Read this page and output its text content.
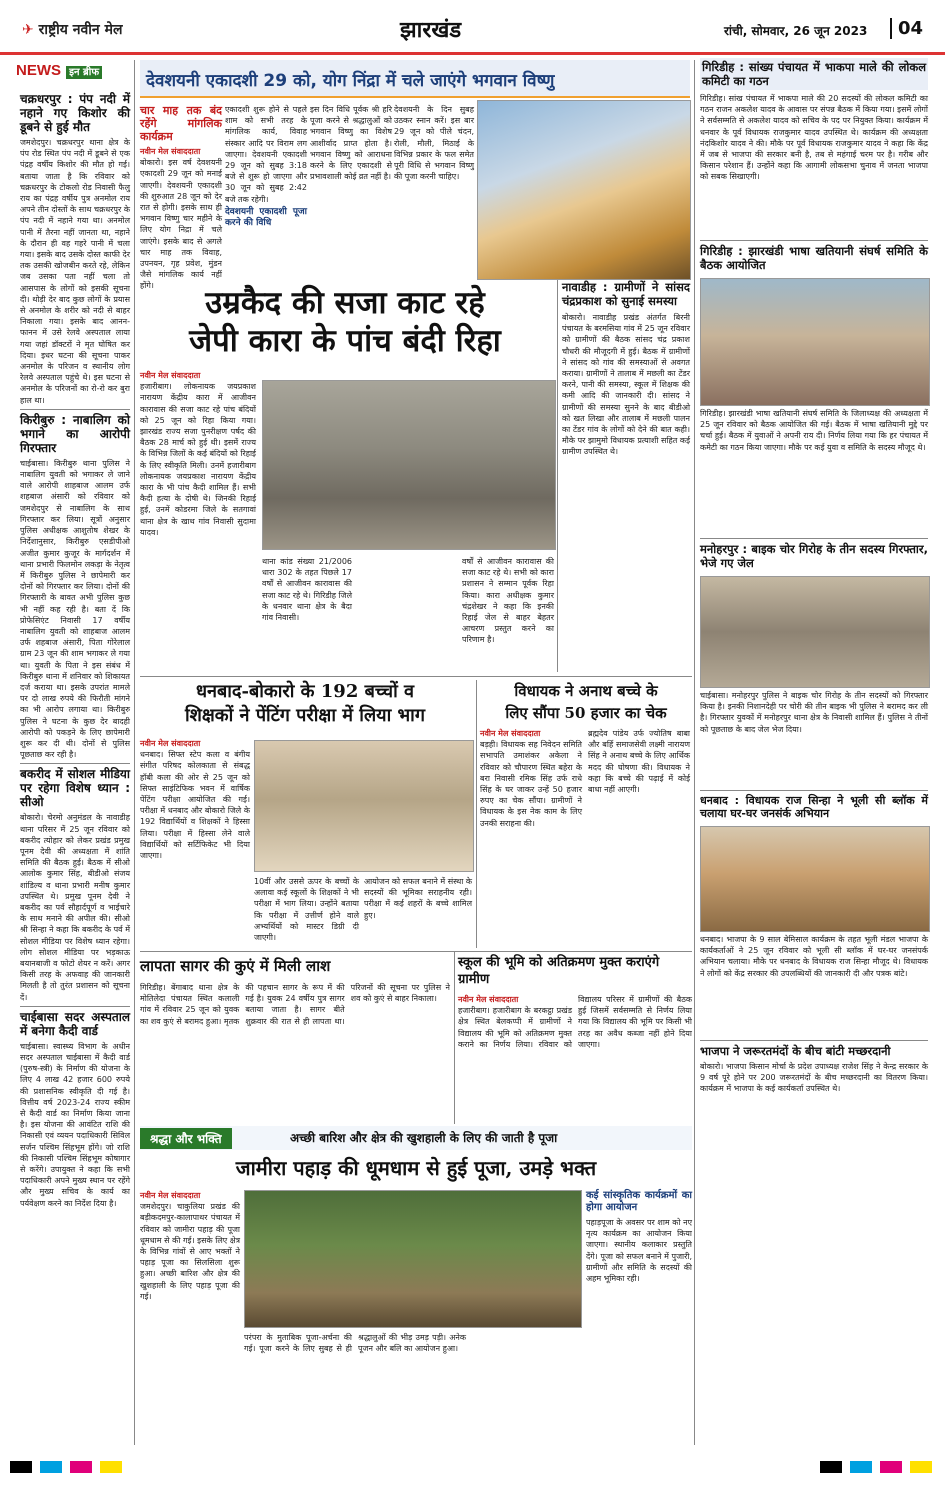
✈ राष्ट्रीय नवीन मेल	झारखंड	रांची, सोमवार, 26 जून 2023	04
NEWS इन ब्रीफ
चक्रधरपुर : पंप नदी में नहाने गए किशोर की डूबने से हुई मौत

जमशेदपुर। चक्रधरपुर थाना क्षेत्र के पंप रोड स्थित पंप नदी में डूबने से एक पंद्रह वर्षीय किशोर की मौत हो गई। बताया जाता है कि रविवार को चक्रधरपुर के टोकलो रोड निवासी फैलु राय का पंद्रह वर्षीय पुत्र अनमोल राय अपने तीन दोस्तों के साथ चक्रधरपुर के पंप नदी में नहाने गया था। अनमोल पानी में तैरना नहीं जानता था, नहाने के दौरान ही वह गहरे पानी में चला गया। इसके बाद उसके दोस्त काफी देर तक उसकी खोजबीन करते रहे, लेकिन जब उसका पता नहीं चला तो आसपास के लोगों को इसकी सूचना दी। थोड़ी देर बाद कुछ लोगों के प्रयास से अनमोल के शरीर को नदी से बाहर निकाला गया। इसके बाद आनन-फानन में उसे रेलवे अस्पताल लाया गया जहां डॉक्टरों ने मृत घोषित कर दिया। इधर घटना की सूचना पाकर अनमोल के परिजन व स्थानीय लोग रेलवे अस्पताल पहुंचे थे। इस घटना से अनमोल के परिजनों का रो-रो कर बुरा हाल था।

किरीबुरु : नाबालिग को भगाने का आरोपी गिरफ्तार

चाईबासा। किरीबुरु थाना पुलिस ने नाबालिग युवती को भगाकर ले जाने वाले आरोपी शाहबाज आलम उर्फ शहबाज अंसारी को रविवार को जमशेदपुर से नाबालिग के साथ गिरफ्तार कर लिया। सूत्रों अनुसार पुलिस अधीक्षक आशुतोष शेखर के निर्देशानुसार, किरीबुरु एसडीपीओ अजीत कुमार कुजूर के मार्गदर्शन में थाना प्रभारी फिलमोन लकड़ा के नेतृत्व में किरीबुरु पुलिस ने छापेमारी कर दोनों को गिरफ्तार कर लिया। दोनों की गिरफ्तारी के बावत अभी पुलिस कुछ भी नहीं कह रही है। बता दें कि प्रोफेसिएंट निवासी 17 वर्षीय नाबालिग युवती को शाहबाज आलम उर्फ शहबाज अंसारी, पिता गोरेलाल ग्राम 23 जून की शाम भगाकर ले गया था। युवती के पिता ने इस संबंध में किरीबुरु थाना में शनिवार को शिकायत दर्ज कराया था। इसके उपरांत मामले पर दो लाख रुपये की फिरौती मांगने का भी आरोप लगाया था। किरीबुरु पुलिस ने घटना के कुछ देर बादही आरोपी को पकड़ने के लिए छापेमारी शुरू कर दी थी। दोनों से पुलिस पूछताछ कर रही है।

बकरीद में सोशल मीडिया पर रहेगा विशेष ध्यान : सीओ

बोकारो। चेरमो अनुमंडल के नावाडीह थाना परिसर में 25 जून रविवार को बकरीद त्योहार को लेकर प्रखंड प्रमुख पूनम देवी की अध्यक्षता में शांति समिति की बैठक हुई। बैठक में सीओ आलोक कुमार सिंह, बीडीओ संजय शांडिल्य व थाना प्रभारी मनीष कुमार उपस्थित थे। प्रमुख पूनम देवी ने बकरीद का पर्व सौहार्दपूर्ण व भाईचारे के साथ मनाने की अपील की। सीओ श्री सिन्हा ने कहा कि बकरीद के पर्व में सोशल मीडिया पर विशेष ध्यान रहेगा। लोग सोशल मीडिया पर भड़काऊ बयानबाजी व फोटो शेयर न करें। अगर किसी तरह के अफवाह की जानकारी मिलती है तो तुरंत प्रशासन को सूचना दें।

चाईबासा सदर अस्पताल में बनेगा कैदी वार्ड

चाईबासा। स्वास्थ्य विभाग के अधीन सदर अस्पताल चाईबासा में कैदी वार्ड (पुरुष-स्त्री) के निर्माण की योजना के लिए 4 लाख 42 हजार 600 रुपये की प्रशासनिक स्वीकृति दी गई है। वित्तीय वर्ष 2023-24 राज्य स्कीम से कैदी वार्ड का निर्माण किया जाना है। इस योजना की आवंटित राशि की निकासी एवं व्ययन पदाधिकारी सिविल सर्जन पश्चिम सिंहभूम होंगे। जो राशि की निकासी पश्चिम सिंहभूम कोषागार से करेंगे। उपायुक्त ने कहा कि सभी पदाधिकारी अपने मुख्य स्थान पर रहेंगे और मुख्य सचिव के कार्य का पर्यवेक्षण करने का निर्देश दिया है।

देवशयनी एकादशी 29 को, योग निंद्रा में चले जाएंगे भगवान विष्णु
चार माह तक बंद रहेंगे मांगलिक कार्यक्रम
नवीन मेल संवाददाता

बोकारो। इस वर्ष देवशयनी एकादशी 29 जून को मनाई जाएगी। देवशयनी एकादशी की शुरुआत 28 जून को देर रात से होगी। इसके साथ ही भगवान विष्णु चार महीने के लिए योग निद्रा में चले जाएंगे। इसके बाद से अगले चार माह तक विवाह, उपनयन, गृह प्रवेश, मुंडन जैसे मांगलिक कार्य नहीं होंगे।

एकादशी शुरू होने से पहले शाम को सभी तरह के मांगलिक कार्य, विवाह संस्कार आदि पर विराम लग जाएगा। देवशयनी एकादशी 29 जून को सुबह 3:18 बजे से शुरू हो जाएगा और 30 जून को सुबह 2:42 बजे तक रहेगी।

देवशयनी एकादशी पूजा करने की विधि

इस दिन विधि पूर्वक श्री हरि पूजा करने से श्रद्धालुओं को भगवान विष्णु का विशेष आशीर्वाद प्राप्त होता है। भगवान विष्णु को आराधना करने के लिए एकादशी से प्रभावशाली कोई व्रत नहीं है।

देवशयनी के दिन सुबह उठकर स्नान करें। इस बार 29 जून को पीले चंदन, रोली, मौली, मिठाई के विभिन्न प्रकार के फल समेत पूरी विधि से भगवान विष्णु की पूजा करनी चाहिए।

उम्रकैद की सजा काट रहे
जेपी कारा के पांच बंदी रिहा
नवीन मेल संवाददाता

हजारीबाग। लोकनायक जयप्रकाश नारायण केंद्रीय कारा में आजीवन कारावास की सजा काट रहे पांच बंदियों को 25 जून को रिहा किया गया। झारखंड राज्य सजा पुनरीक्षण पर्षद की बैठक 28 मार्च को हुई थी। इसमें राज्य के विभिन्न जिलों के कई बंदियों को रिहाई के लिए स्वीकृति मिली। उनमें हजारीबाग लोकनायक जयप्रकाश नारायण केंद्रीय कारा के भी पांच कैदी शामिल हैं। सभी कैदी हत्या के दोषी थे। जिनकी रिहाई हुई, उनमें कोडरमा जिले के सतगावां थाना क्षेत्र के खाथ गांव निवासी सुदामा यादव।

थाना कांड संख्या 21/2006 धारा 302 के तहत पिछले 17 वर्षों से आजीवन कारावास की सजा काट रहे थे। गिरिडीह जिले के धनवार थाना क्षेत्र के बैदा गांव निवासी।

वर्षों से आजीवन कारावास की सजा काट रहे थे। सभी को कारा प्रशासन ने सम्मान पूर्वक रिहा किया। कारा अधीक्षक कुमार चंद्रशेखर ने कहा कि इनकी रिहाई जेल से बाहर बेहतर आचरण प्रस्तुत करने का परिणाम है।

नावाडीह : ग्रामीणों ने सांसद चंद्रप्रकाश को सुनाई समस्या

बोकारो। नावाडीह प्रखंड अंतर्गत बिरनी पंचायत के बरमसिया गांव में 25 जून रविवार को ग्रामीणों की बैठक सांसद चंद्र प्रकाश चौधरी की मौजूदगी में हुई। बैठक में ग्रामीणों ने सांसद को गांव की समस्याओं से अवगत कराया। ग्रामीणों ने तालाब में मछली का टेंडर करने, पानी की समस्या, स्कूल में शिक्षक की कमी आदि की जानकारी दी। सांसद ने ग्रामीणों की समस्या सुनने के बाद बीडीओ को खत लिखा और तालाब में मछली पालन का टेंडर गांव के लोगों को देने की बात कही। मौके पर झामुमो विधायक प्रत्याशी सहित कई ग्रामीण उपस्थित थे।

धनबाद-बोकारो के 192 बच्चों व
शिक्षकों ने पेंटिंग परीक्षा में लिया भाग
नवीन मेल संवाददाता

धनबाद। सिफ्त स्टेप कला व बंगीय संगीत परिषद कोलकाता से संबद्ध हॉबी कला की ओर से 25 जून को सिफ्त साइंटिफिक भवन में वार्षिक पेंटिंग परीक्षा आयोजित की गई। परीक्षा में धनबाद और बोकारो जिले के 192 विद्यार्थियों व शिक्षकों ने हिस्सा लिया। परीक्षा में हिस्सा लेने वाले विद्यार्थियों को सर्टिफिकेट भी दिया जाएगा।

10वीं और उससे ऊपर के बच्चों के अलावा कई स्कूलों के शिक्षकों ने भी परीक्षा में भाग लिया। उन्होंने बताया कि परीक्षा में उत्तीर्ण होने वाले अभ्यर्थियों को मास्टर डिग्री दी जाएगी।

आयोजन को सफल बनाने में संस्था के सदस्यों की भूमिका सराहनीय रही। परीक्षा में कई शहरों के बच्चे शामिल हुए।

विधायक ने अनाथ बच्चे के
लिए सौंपा 50 हजार का चेक
नवीन मेल संवाददाता

बड़ही। विधायक सह निवेदन समिति सभापति उमाशंकर अकेला ने रविवार को चौपारण स्थित बहेरा के बरा निवासी रमिक सिंह उर्फ राधे सिंह के घर जाकर उन्हें 50 हजार रुपए का चेक सौंपा। ग्रामीणों ने विधायक के इस नेक काम के लिए उनकी सराहना की।

ब्रह्मदेव पांडेय उर्फ ज्योतिष बाबा और बर्हि समाजसेवी लक्ष्मी नारायण सिंह ने अनाथ बच्चे के लिए आर्थिक मदद की घोषणा की। विधायक ने कहा कि बच्चे की पढ़ाई में कोई बाधा नहीं आएगी।

लापता सागर की कुएं में मिली लाश

गिरिडीह। बेंगाबाद थाना क्षेत्र के मोतिलेदा पंचायत स्थित कलाली गांव में रविवार 25 जून को युवक का शव कुएं से बरामद हुआ। मृतक की पहचान सागर के रूप में की गई है। युवक 24 वर्षीय पुत्र सागर बताया जाता है। सागर बीते शुक्रवार की रात से ही लापता था। परिजनों की सूचना पर पुलिस ने शव को कुएं से बाहर निकाला।

स्कूल की भूमि को अतिक्रमण मुक्त कराएंगे ग्रामीण
नवीन मेल संवाददाता

हजारीबाग। हजारीबाग के बरकट्ठा प्रखंड क्षेत्र स्थित बेलकप्पी में ग्रामीणों ने विद्यालय की भूमि को अतिक्रमण मुक्त कराने का निर्णय लिया। रविवार को विद्यालय परिसर में ग्रामीणों की बैठक हुई जिसमें सर्वसम्मति से निर्णय लिया गया कि विद्यालय की भूमि पर किसी भी तरह का अवैध कब्जा नहीं होने दिया जाएगा।

श्रद्धा और भक्ति	अच्छी बारिश और क्षेत्र की खुशहाली के लिए की जाती है पूजा
जामीरा पहाड़ की धूमधाम से हुई पूजा, उमड़े भक्त
नवीन मेल संवाददाता

जमशेदपुर। चाकुलिया प्रखंड की बड़ीकदमपुर-कालापाथर पंचायत में रविवार को जामीरा पहाड़ की पूजा धूमधाम से की गई। इसके लिए क्षेत्र के विभिन्न गांवों से आए भक्तों ने पहाड़ पूजा का सिलसिला शुरू हुआ। अच्छी बारिश और क्षेत्र की खुशहाली के लिए पहाड़ पूजा की गई।

परंपरा के मुताबिक पूजा-अर्चना की गई। पूजा करने के लिए सुबह से ही श्रद्धालुओं की भीड़ उमड़ पड़ी। अनेक पूजन और बलि का आयोजन हुआ।

कई सांस्कृतिक कार्यक्रमों का होगा आयोजन

पहाड़पूजा के अवसर पर शाम को नए नृत्य कार्यक्रम का आयोजन किया जाएगा। स्थानीय कलाकार प्रस्तुति देंगे। पूजा को सफल बनाने में पुजारी, ग्रामीणों और समिति के सदस्यों की अहम भूमिका रही।

गिरिडीह : सांख्य पंचायत में भाकपा माले की लोकल कमिटी का गठन

गिरिडीह। सांख पंचायत में भाकपा माले की 20 सदस्यों की लोकल कमिटी का गठन राजन अकलेश यादव के आवास पर संपन्न बैठक में किया गया। इसमें लोगों ने सर्वसम्मति से अकलेश यादव को सचिव के पद पर नियुक्त किया। कार्यक्रम में धनवार के पूर्व विधायक राजकुमार यादव उपस्थित थे। कार्यक्रम की अध्यक्षता नंदकिशोर यादव ने की। मौके पर पूर्व विधायक राजकुमार यादव ने कहा कि केंद्र में जब से भाजपा की सरकार बनी है, तब से महंगाई चरम पर है। गरीब और किसान परेशान हैं। उन्होंने कहा कि आगामी लोकसभा चुनाव में जनता भाजपा को सबक सिखाएगी।

गिरिडीह : झारखंडी भाषा खतियानी संघर्ष समिति के बैठक आयोजित

गिरिडीह। झारखंडी भाषा खतियानी संघर्ष समिति के जिलाध्यक्ष की अध्यक्षता में 25 जून रविवार को बैठक आयोजित की गई। बैठक में भाषा खतियानी मुद्दे पर चर्चा हुई। बैठक में युवाओं ने अपनी राय दी। निर्णय लिया गया कि हर पंचायत में कमेटी का गठन किया जाएगा। मौके पर कई युवा व समिति के सदस्य मौजूद थे।

मनोहरपुर : बाइक चोर गिरोह के तीन सदस्य गिरफ्तार, भेजे गए जेल

चाईबासा। मनोहरपुर पुलिस ने बाइक चोर गिरोह के तीन सदस्यों को गिरफ्तार किया है। इनकी निशानदेही पर चोरी की तीन बाइक भी पुलिस ने बरामद कर ली है। गिरफ्तार युवकों में मनोहरपुर थाना क्षेत्र के निवासी शामिल हैं। पुलिस ने तीनों को पूछताछ के बाद जेल भेज दिया।

धनबाद : विधायक राज सिन्हा ने भूली सी ब्लॉक में चलाया घर-घर जनसंर्क अभियान

धनबाद। भाजपा के 9 साल बेमिसाल कार्यक्रम के तहत भूली मंडल भाजपा के कार्यकर्ताओं ने 25 जून रविवार को भूली सी ब्लॉक में घर-घर जनसंपर्क अभियान चलाया। मौके पर धनबाद के विधायक राज सिन्हा मौजूद थे। विधायक ने लोगों को केंद्र सरकार की उपलब्धियों की जानकारी दी और पत्रक बांटे।

भाजपा ने जरूरतमंदों के बीच बांटी मच्छरदानी

बोकारो। भाजपा किसान मोर्चा के प्रदेश उपाध्यक्ष राजेश सिंह ने केन्द्र सरकार के 9 वर्ष पूरे होने पर 200 जरूरतमंदों के बीच मच्छरदानी का वितरण किया। कार्यक्रम में भाजपा के कई कार्यकर्ता उपस्थित थे।
